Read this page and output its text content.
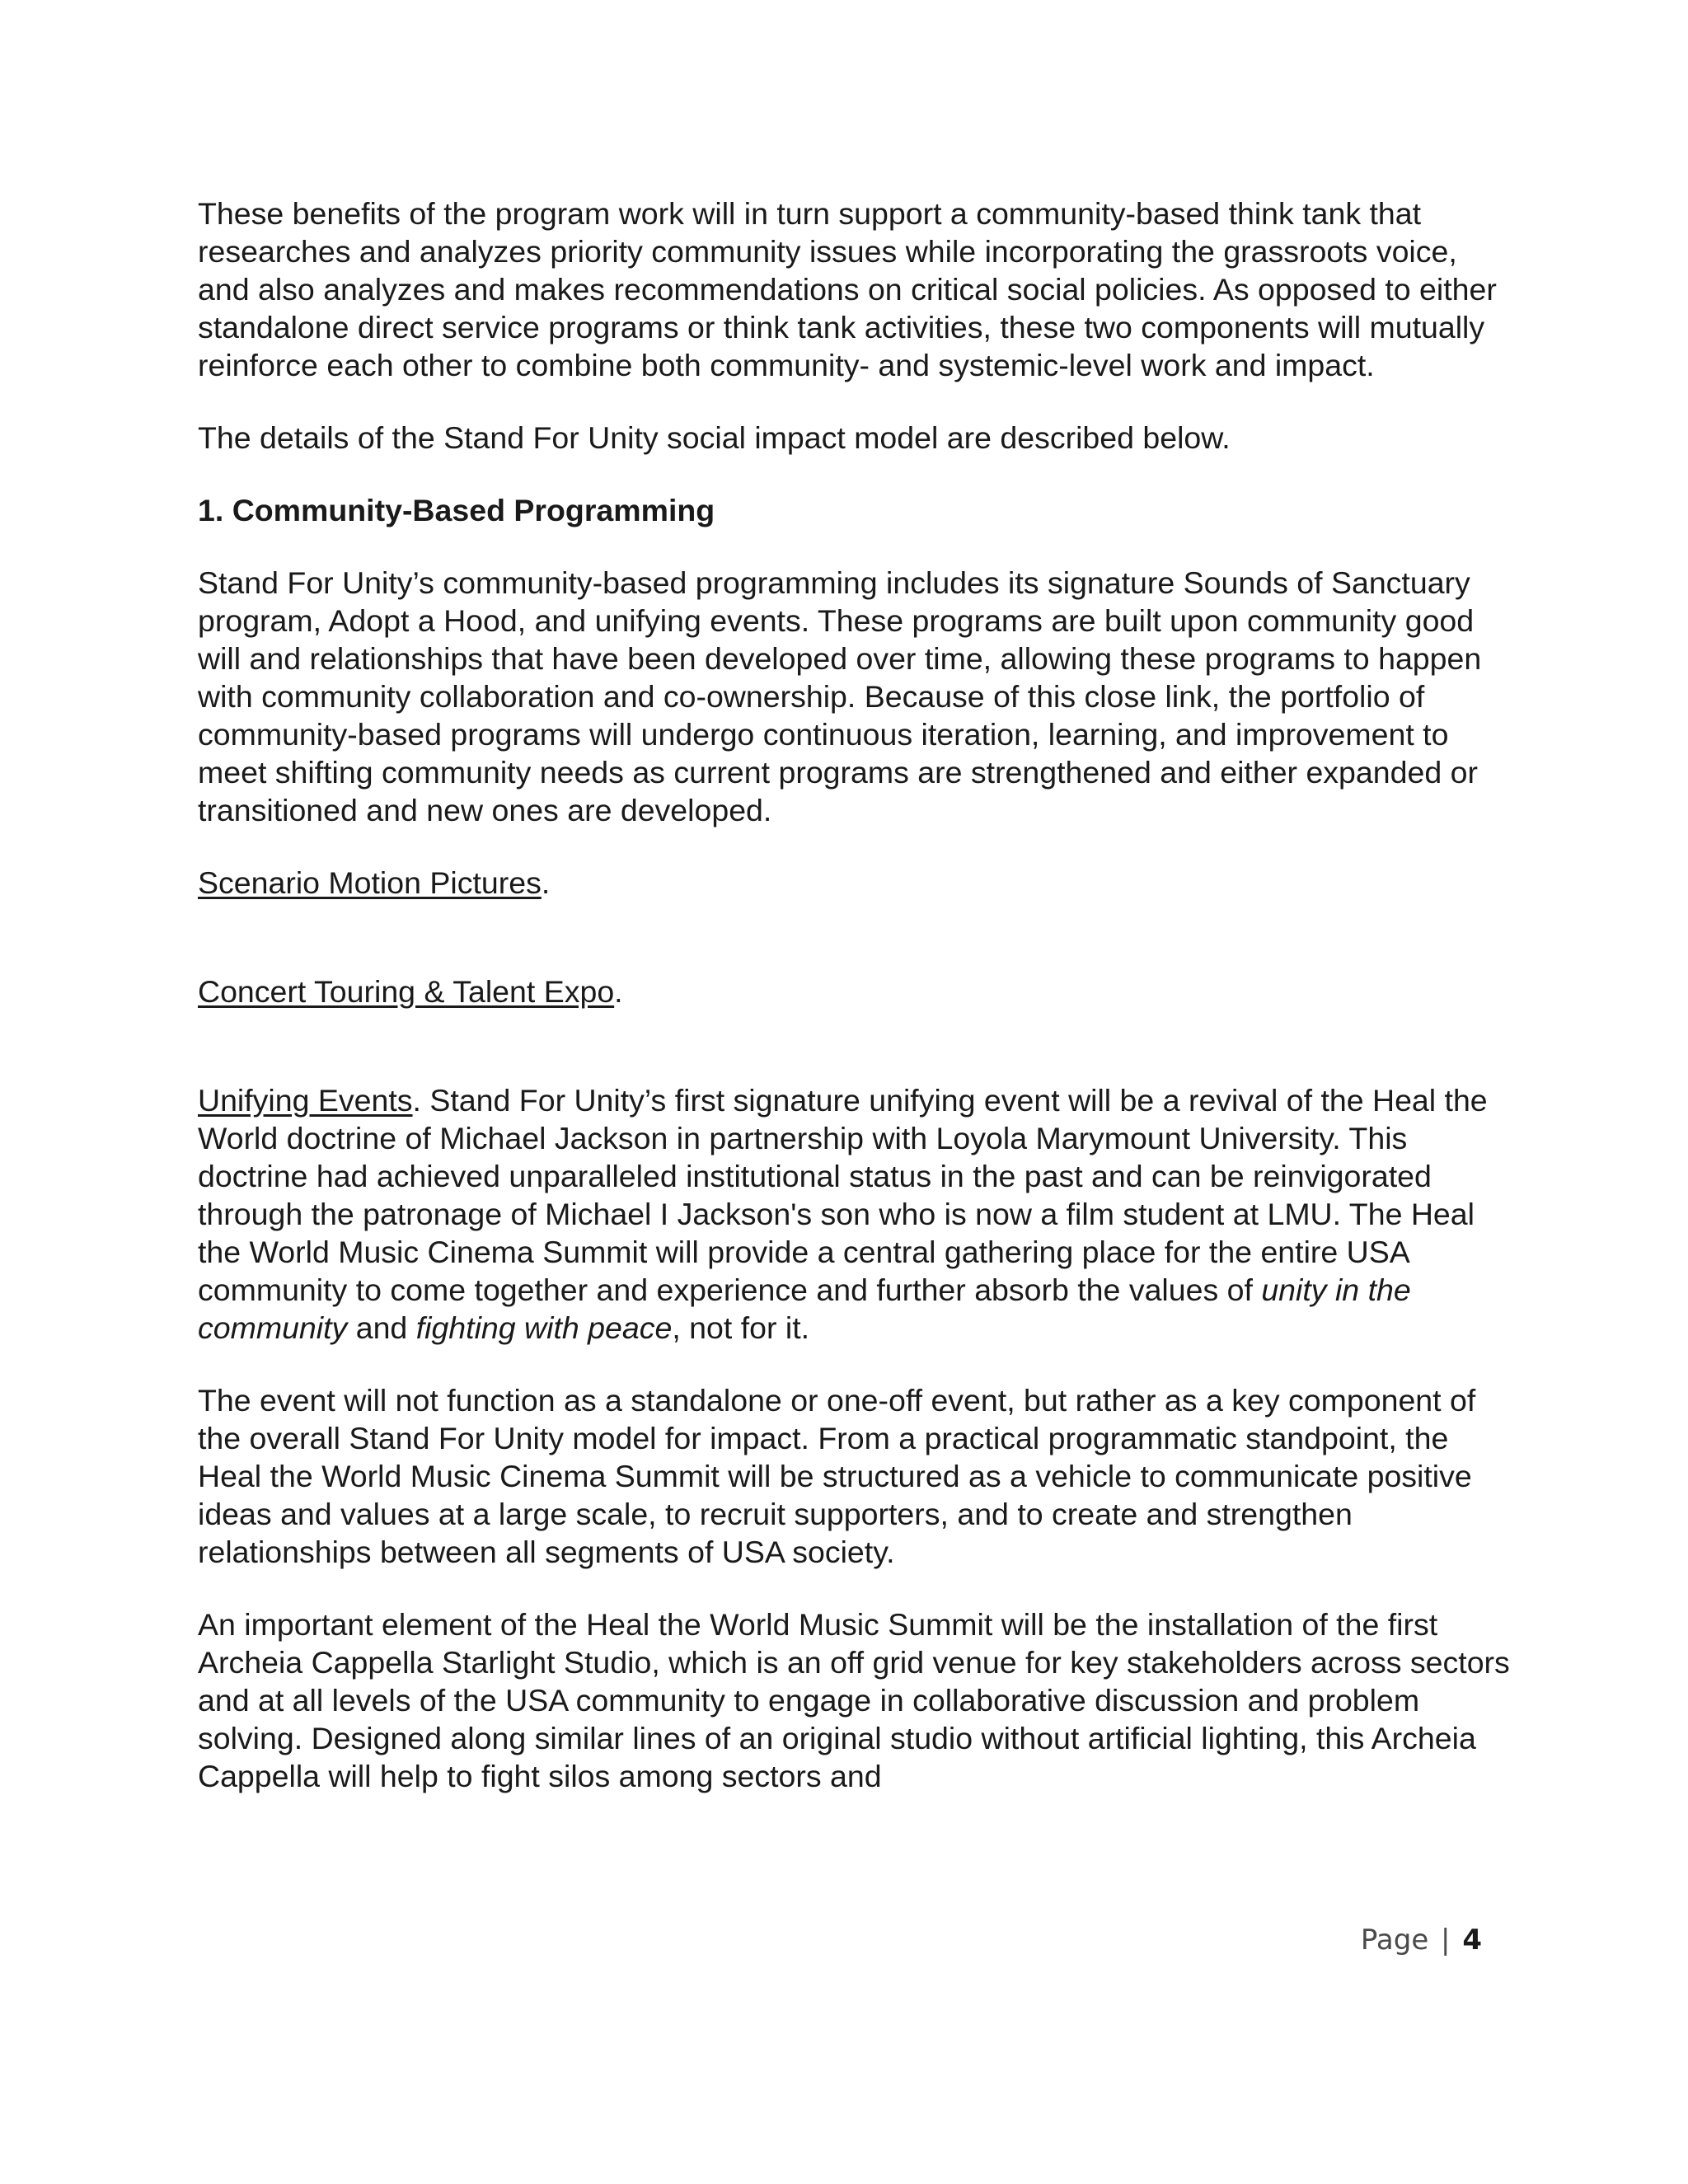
These benefits of the program work will in turn support a community-based think tank that researches and analyzes priority community issues while incorporating the grassroots voice, and also analyzes and makes recommendations on critical social policies. As opposed to either standalone direct service programs or think tank activities, these two components will mutually reinforce each other to combine both community- and systemic-level work and impact.

The details of the Stand For Unity social impact model are described below.

1. Community-Based Programming

Stand For Unity’s community-based programming includes its signature Sounds of Sanctuary program, Adopt a Hood, and unifying events. These programs are built upon community good will and relationships that have been developed over time, allowing these programs to happen with community collaboration and co-ownership. Because of this close link, the portfolio of community-based programs will undergo continuous iteration, learning, and improvement to meet shifting community needs as current programs are strengthened and either expanded or transitioned and new ones are developed.

Scenario Motion Pictures.

Concert Touring & Talent Expo.

Unifying Events. Stand For Unity’s first signature unifying event will be a revival of the Heal the World doctrine of Michael Jackson in partnership with Loyola Marymount University. This doctrine had achieved unparalleled institutional status in the past and can be reinvigorated through the patronage of Michael I Jackson's son who is now a film student at LMU. The Heal the World Music Cinema Summit will provide a central gathering place for the entire USA community to come together and experience and further absorb the values of unity in the community and fighting with peace, not for it.

The event will not function as a standalone or one-off event, but rather as a key component of the overall Stand For Unity model for impact. From a practical programmatic standpoint, the Heal the World Music Cinema Summit will be structured as a vehicle to communicate positive ideas and values at a large scale, to recruit supporters, and to create and strengthen relationships between all segments of USA society.

An important element of the Heal the World Music Summit will be the installation of the first Archeia Cappella Starlight Studio, which is an off grid venue for key stakeholders across sectors and at all levels of the USA community to engage in collaborative discussion and problem solving. Designed along similar lines of an original studio without artificial lighting, this Archeia Cappella will help to fight silos among sectors and

Page | 4
